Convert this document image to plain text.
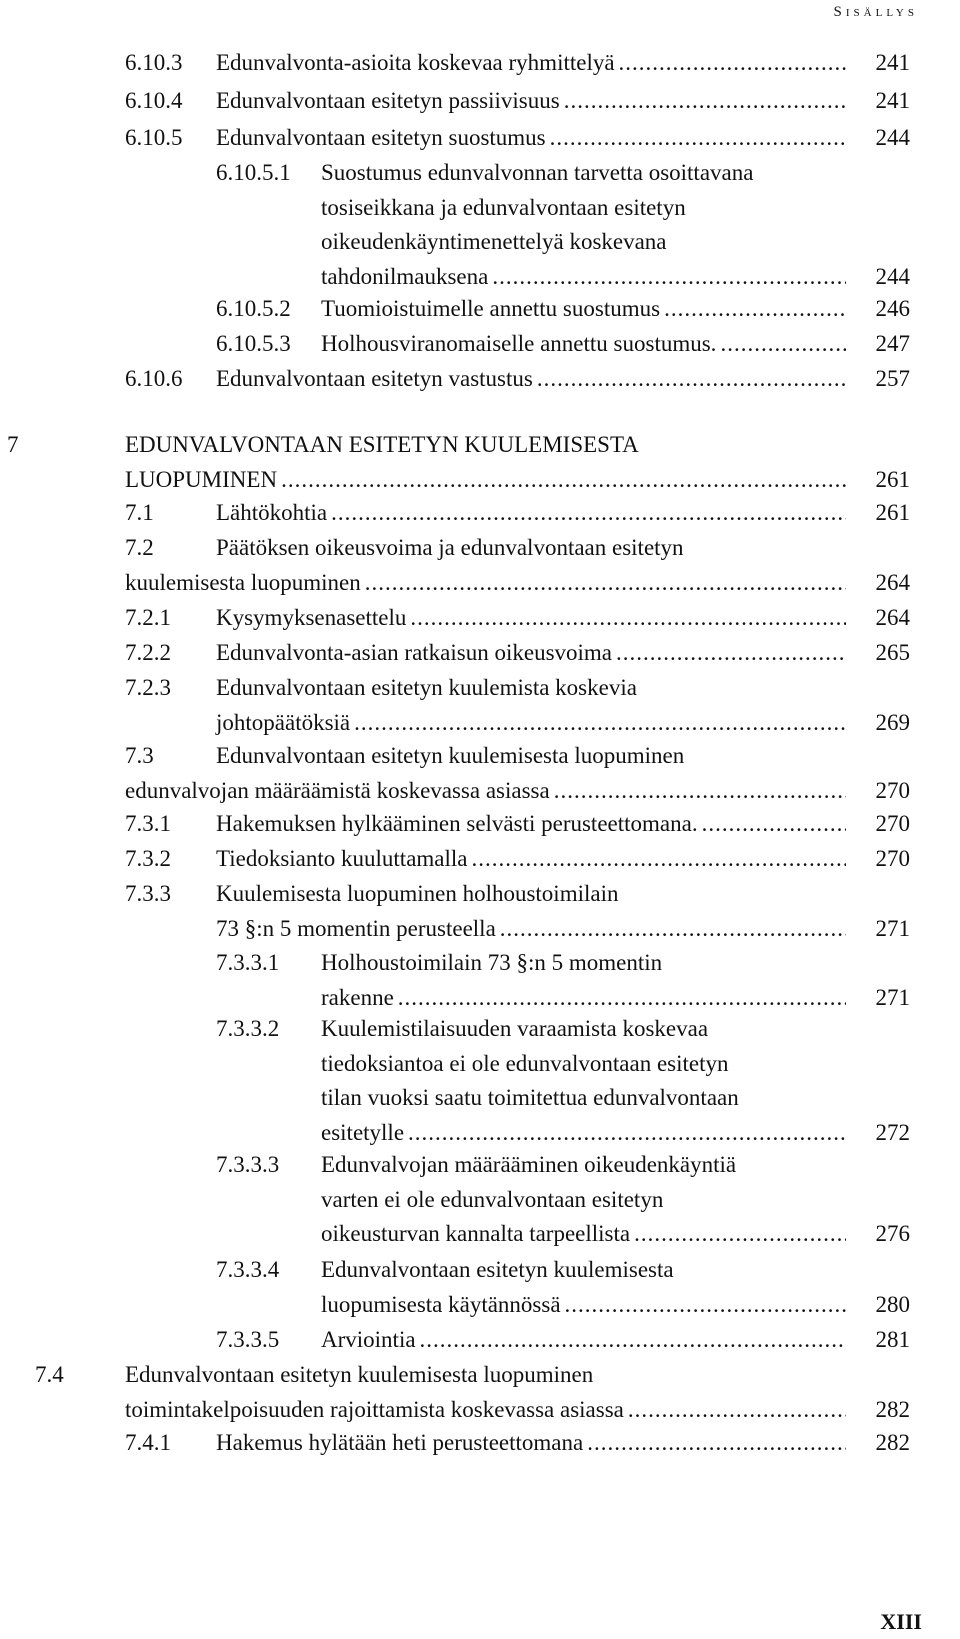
Sisällys
6.10.3 Edunvalvonta-asioita koskevaa ryhmittelyä .....	241
6.10.4 Edunvalvontaan esitetyn passiivisuus .....	241
6.10.5 Edunvalvontaan esitetyn suostumus .....	244
6.10.5.1 Suostumus edunvalvonnan tarvetta osoittavana
tosiseikkana ja edunvalvontaan esitetyn
oikeudenkäyntimenettelyä koskevana
tahdonilmauksena .....	244
6.10.5.2 Tuomioistuimelle annettu suostumus .....	246
6.10.5.3 Holhousviranomaiselle annettu suostumus. .....	247
6.10.6 Edunvalvontaan esitetyn vastustus .....	257
7	EDUNVALVONTAAN ESITETYN KUULEMISESTA
LUOPUMINEN .....	261
7.1	Lähtökohtia .....	261
7.2	Päätöksen oikeusvoima ja edunvalvontaan esitetyn
kuulemisesta luopuminen .....	264
7.2.1 Kysymyksenasettelu .....	264
7.2.2 Edunvalvonta-asian ratkaisun oikeusvoima .....	265
7.2.3 Edunvalvontaan esitetyn kuulemista koskevia
johtopäätöksiä .....	269
7.3	Edunvalvontaan esitetyn kuulemisesta luopuminen
edunvalvojan määräämistä koskevassa asiassa .....	270
7.3.1 Hakemuksen hylkääminen selvästi perusteettomana. .....	270
7.3.2 Tiedoksianto kuuluttamalla .....	270
7.3.3 Kuulemisesta luopuminen holhoustoimilain
73 §:n 5 momentin perusteella .....	271
7.3.3.1 Holhoustoimilain 73 §:n 5 momentin
rakenne .....	271
7.3.3.2 Kuulemistilaisuuden varaamista koskevaa
tiedoksiantoa ei ole edunvalvontaan esitetyn
tilan vuoksi saatu toimitettua edunvalvontaan
esitetylle .....	272
7.3.3.3 Edunvalvojan määrääminen oikeudenkäyntiä
varten ei ole edunvalvontaan esitetyn
oikeusturvan kannalta tarpeellista .....	276
7.3.3.4 Edunvalvontaan esitetyn kuulemisesta
luopumisesta käytännössä .....	280
7.3.3.5 Arviointia .....	281
7.4	Edunvalvontaan esitetyn kuulemisesta luopuminen
toimintakelpoisuuden rajoittamista koskevassa asiassa .....	282
7.4.1 Hakemus hylätään heti perusteettomana .....	282
XIII
